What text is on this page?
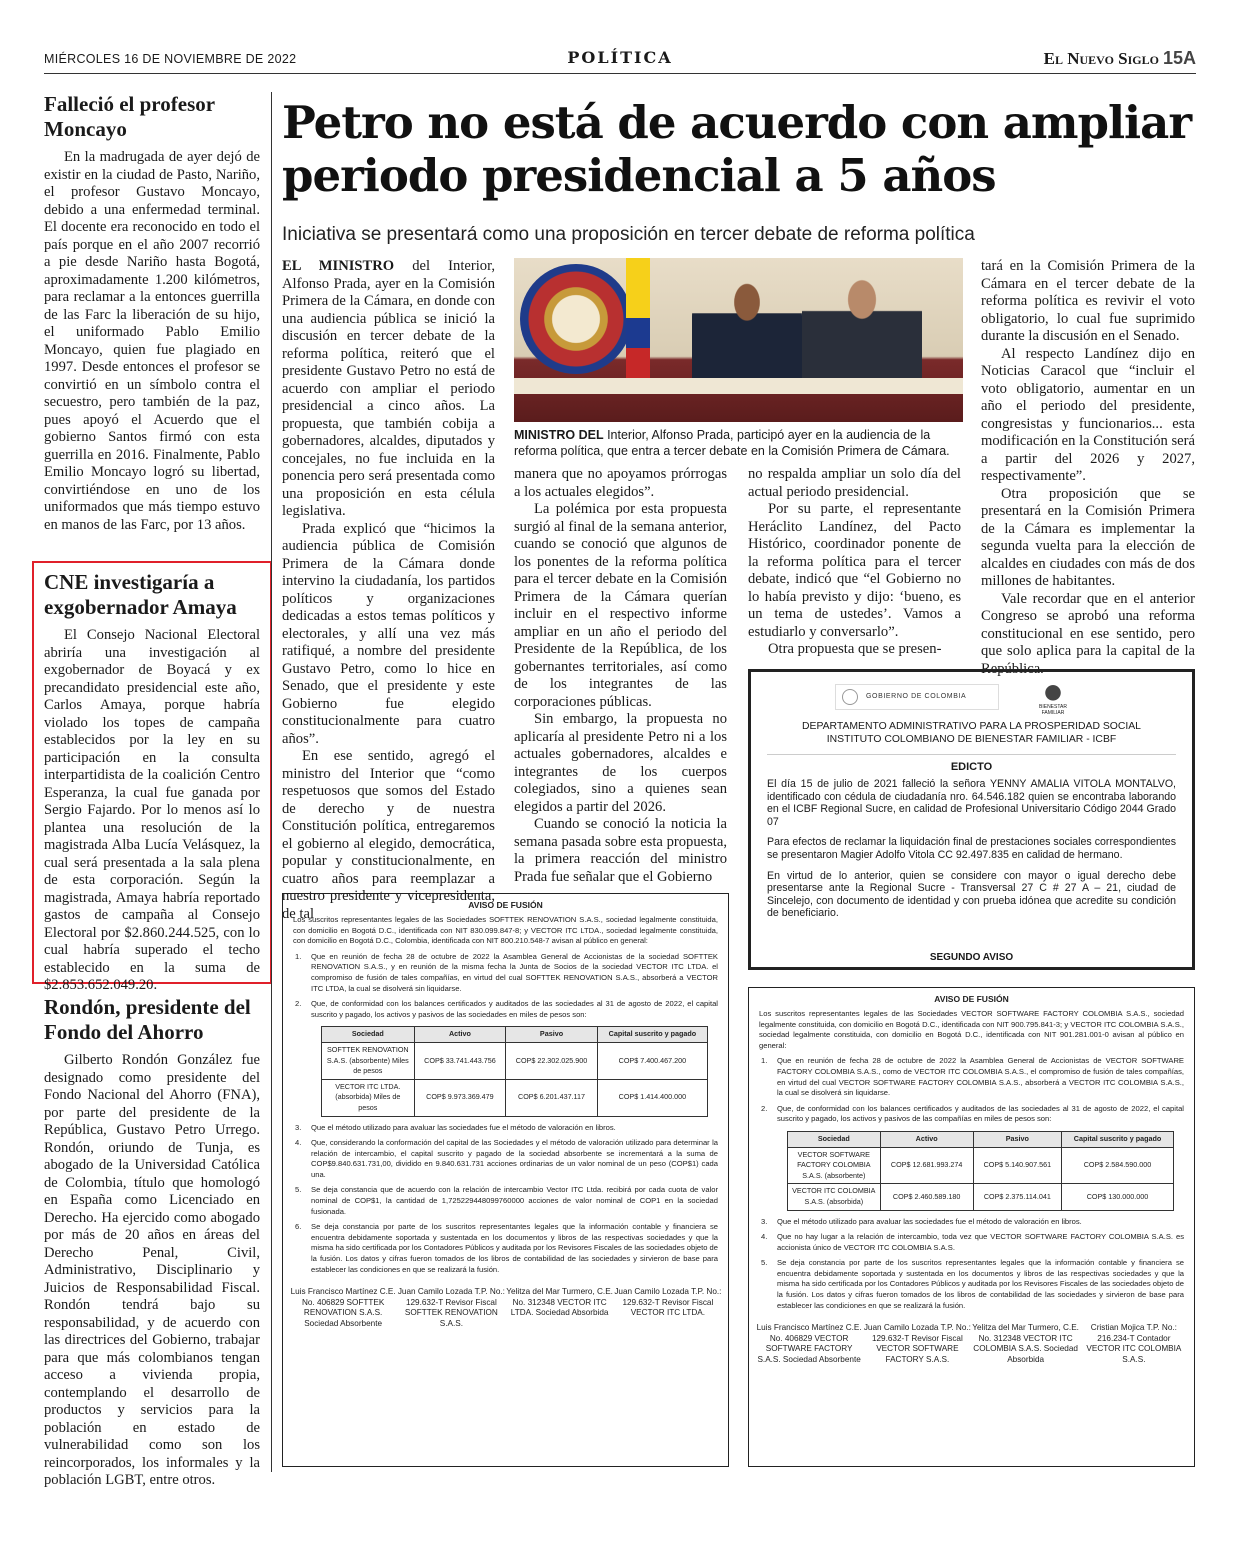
MIÉRCOLES 16 DE NOVIEMBRE DE 2022	POLÍTICA	El Nuevo Siglo 15A
Falleció el profesor Moncayo

En la madrugada de ayer dejó de existir en la ciudad de Pasto, Nariño, el profesor Gustavo Moncayo, debido a una enfermedad terminal. El docente era reconocido en todo el país porque en el año 2007 recorrió a pie desde Nariño hasta Bogotá, aproximadamente 1.200 kilómetros, para reclamar a la entonces guerrilla de las Farc la liberación de su hijo, el uniformado Pablo Emilio Moncayo, quien fue plagiado en 1997. Desde entonces el profesor se convirtió en un símbolo contra el secuestro, pero también de la paz, pues apoyó el Acuerdo que el gobierno Santos firmó con esta guerrilla en 2016. Finalmente, Pablo Emilio Moncayo logró su libertad, convirtiéndose en uno de los uniformados que más tiempo estuvo en manos de las Farc, por 13 años.

CNE investigaría a exgobernador Amaya

El Consejo Nacional Electoral abriría una investigación al exgobernador de Boyacá y ex precandidato presidencial este año, Carlos Amaya, porque habría violado los topes de campaña establecidos por la ley en su participación en la consulta interpartidista de la coalición Centro Esperanza, la cual fue ganada por Sergio Fajardo. Por lo menos así lo plantea una resolución de la magistrada Alba Lucía Velásquez, la cual será presentada a la sala plena de esta corporación. Según la magistrada, Amaya habría reportado gastos de campaña al Consejo Electoral por $2.860.244.525, con lo cual habría superado el techo establecido en la suma de $2.853.652.049.20.

Rondón, presidente del Fondo del Ahorro

Gilberto Rondón González fue designado como presidente del Fondo Nacional del Ahorro (FNA), por parte del presidente de la República, Gustavo Petro Urrego. Rondón, oriundo de Tunja, es abogado de la Universidad Católica de Colombia, título que homologó en España como Licenciado en Derecho. Ha ejercido como abogado por más de 20 años en áreas del Derecho Penal, Civil, Administrativo, Disciplinario y Juicios de Responsabilidad Fiscal. Rondón tendrá bajo su responsabilidad, y de acuerdo con las directrices del Gobierno, trabajar para que más colombianos tengan acceso a vivienda propia, contemplando el desarrollo de productos y servicios para la población en estado de vulnerabilidad como son los reincorporados, los informales y la población LGBT, entre otros.

Petro no está de acuerdo con ampliar periodo presidencial a 5 años
Iniciativa se presentará como una proposición en tercer debate de reforma política

EL MINISTRO del Interior, Alfonso Prada, ayer en la Comisión Primera de la Cámara, en donde con una audiencia pública se inició la discusión en tercer debate de la reforma política, reiteró que el presidente Gustavo Petro no está de acuerdo con ampliar el periodo presidencial a cinco años. La propuesta, que también cobija a gobernadores, alcaldes, diputados y concejales, no fue incluida en la ponencia pero será presentada como una proposición en esta célula legislativa.

Prada explicó que “hicimos la audiencia pública de Comisión Primera de la Cámara donde intervino la ciudadanía, los partidos políticos y organizaciones dedicadas a estos temas políticos y electorales, y allí una vez más ratifiqué, a nombre del presidente Gustavo Petro, como lo hice en Senado, que el presidente y este Gobierno fue elegido constitucionalmente para cuatro años”.

En ese sentido, agregó el ministro del Interior que “como respetuosos que somos del Estado de derecho y de nuestra Constitución política, entregaremos el gobierno al elegido, democrática, popular y constitucionalmente, en cuatro años para reemplazar a nuestro presidente y vicepresidenta, de tal

MINISTRO DEL Interior, Alfonso Prada, participó ayer en la audiencia de la reforma política, que entra a tercer debate en la Comisión Primera de Cámara.

manera que no apoyamos prórrogas a los actuales elegidos”.

La polémica por esta propuesta surgió al final de la semana anterior, cuando se conoció que algunos de los ponentes de la reforma política para el tercer debate en la Comisión Primera de la Cámara querían incluir en el respectivo informe ampliar en un año el periodo del Presidente de la República, de los gobernantes territoriales, así como de los integrantes de las corporaciones públicas.

Sin embargo, la propuesta no aplicaría al presidente Petro ni a los actuales gobernadores, alcaldes e integrantes de los cuerpos colegiados, sino a quienes sean elegidos a partir del 2026.

Cuando se conoció la noticia la semana pasada sobre esta propuesta, la primera reacción del ministro Prada fue señalar que el Gobierno

no respalda ampliar un solo día del actual periodo presidencial.

Por su parte, el representante Heráclito Landínez, del Pacto Histórico, coordinador ponente de la reforma política para el tercer debate, indicó que “el Gobierno no lo había previsto y dijo: ‘bueno, es un tema de ustedes’. Vamos a estudiarlo y conversarlo”.

Otra propuesta que se presen-

tará en la Comisión Primera de la Cámara en el tercer debate de la reforma política es revivir el voto obligatorio, lo cual fue suprimido durante la discusión en el Senado.

Al respecto Landínez dijo en Noticias Caracol que “incluir el voto obligatorio, aumentar en un año el periodo del presidente, congresistas y funcionarios... esta modificación en la Constitución será a partir del 2026 y 2027, respectivamente”.

Otra proposición que se presentará en la Comisión Primera de la Cámara es implementar la segunda vuelta para la elección de alcaldes en ciudades con más de dos millones de habitantes.

Vale recordar que en el anterior Congreso se aprobó una reforma constitucional en ese sentido, pero que solo aplica para la capital de la República.

GOBIERNO DE COLOMBIA
BIENESTAR FAMILIAR
DEPARTAMENTO ADMINISTRATIVO PARA LA PROSPERIDAD SOCIAL
INSTITUTO COLOMBIANO DE BIENESTAR FAMILIAR - ICBF
EDICTO

El día 15 de julio de 2021 falleció la señora YENNY AMALIA VITOLA MONTALVO, identificado con cédula de ciudadanía nro. 64.546.182 quien se encontraba laborando en el ICBF Regional Sucre, en calidad de Profesional Universitario Código 2044 Grado 07

Para efectos de reclamar la liquidación final de prestaciones sociales correspondientes se presentaron Magier Adolfo Vitola CC 92.497.835 en calidad de hermano.

En virtud de lo anterior, quien se considere con mayor o igual derecho debe presentarse ante la Regional Sucre - Transversal 27 C # 27 A – 21, ciudad de Sincelejo, con documento de identidad y con prueba idónea que acredite su condición de beneficiario.

SEGUNDO AVISO
AVISO DE FUSIÓN

Los suscritos representantes legales de las Sociedades SOFTTEK RENOVATION S.A.S., sociedad legalmente constituida, con domicilio en Bogotá D.C., identificada con NIT 830.099.847-8; y VECTOR ITC LTDA., sociedad legalmente constituida, con domicilio en Bogotá D.C., Colombia, identificada con NIT 800.210.548-7 avisan al público en general:

1. Que en reunión de fecha 28 de octubre de 2022 la Asamblea General de Accionistas de la sociedad SOFTTEK RENOVATION S.A.S., y en reunión de la misma fecha la Junta de Socios de la sociedad VECTOR ITC LTDA. el compromiso de fusión de tales compañías, en virtud del cual SOFTTEK RENOVATION S.A.S., absorberá a VECTOR ITC LTDA, la cual se disolverá sin liquidarse.
2. Que, de conformidad con los balances certificados y auditados de las sociedades al 31 de agosto de 2022, el capital suscrito y pagado, los activos y pasivos de las sociedades en miles de pesos son:
Sociedad	Activo	Pasivo	Capital suscrito y pagado
SOFTTEK RENOVATION S.A.S. (absorbente) Miles de pesos	COP$ 33.741.443.756	COP$ 22.302.025.900	COP$ 7.400.467.200
VECTOR ITC LTDA. (absorbida) Miles de pesos	COP$ 9.973.369.479	COP$ 6.201.437.117	COP$ 1.414.400.000
3. Que el método utilizado para avaluar las sociedades fue el método de valoración en libros.
4. Que, considerando la conformación del capital de las Sociedades y el método de valoración utilizado para determinar la relación de intercambio, el capital suscrito y pagado de la sociedad absorbente se incrementará a la suma de COP$9.840.631.731,00, dividido en 9.840.631.731 acciones ordinarias de un valor nominal de un peso (COP$1) cada una.
5. Se deja constancia que de acuerdo con la relación de intercambio Vector ITC Ltda. recibirá por cada cuota de valor nominal de COP$1, la cantidad de 1,725229448099760000 acciones de valor nominal de COP1 en la sociedad fusionada.
6. Se deja constancia por parte de los suscritos representantes legales que la información contable y financiera se encuentra debidamente soportada y sustentada en los documentos y libros de las respectivas sociedades y que la misma ha sido certificada por los Contadores Públicos y auditada por los Revisores Fiscales de las sociedades objeto de la fusión. Los datos y cifras fueron tomados de los libros de contabilidad de las sociedades y sirvieron de base para establecer las condiciones en que se realizará la fusión.
Luis Francisco Martínez C.E. No. 406829 SOFTTEK RENOVATION S.A.S. Sociedad Absorbente
Juan Camilo Lozada T.P. No.: 129.632-T Revisor Fiscal SOFTTEK RENOVATION S.A.S.
Yelitza del Mar Turmero, C.E. No. 312348 VECTOR ITC LTDA. Sociedad Absorbida
Juan Camilo Lozada T.P. No.: 129.632-T Revisor Fiscal VECTOR ITC LTDA.
AVISO DE FUSIÓN

Los suscritos representantes legales de las Sociedades VECTOR SOFTWARE FACTORY COLOMBIA S.A.S., sociedad legalmente constituida, con domicilio en Bogotá D.C., identificada con NIT 900.795.841-3; y VECTOR ITC COLOMBIA S.A.S., sociedad legalmente constituida, con domicilio en Bogotá D.C., identificada con NIT 901.281.001-0 avisan al público en general:

1. Que en reunión de fecha 28 de octubre de 2022 la Asamblea General de Accionistas de VECTOR SOFTWARE FACTORY COLOMBIA S.A.S., como de VECTOR ITC COLOMBIA S.A.S., el compromiso de fusión de tales compañías, en virtud del cual VECTOR SOFTWARE FACTORY COLOMBIA S.A.S., absorberá a VECTOR ITC COLOMBIA S.A.S., la cual se disolverá sin liquidarse.
2. Que, de conformidad con los balances certificados y auditados de las sociedades al 31 de agosto de 2022, el capital suscrito y pagado, los activos y pasivos de las compañías en miles de pesos son:
Sociedad	Activo	Pasivo	Capital suscrito y pagado
VECTOR SOFTWARE FACTORY COLOMBIA S.A.S. (absorbente)	COP$ 12.681.993.274	COP$ 5.140.907.561	COP$ 2.584.590.000
VECTOR ITC COLOMBIA S.A.S. (absorbida)	COP$ 2.460.589.180	COP$ 2.375.114.041	COP$ 130.000.000
3. Que el método utilizado para avaluar las sociedades fue el método de valoración en libros.
4. Que no hay lugar a la relación de intercambio, toda vez que VECTOR SOFTWARE FACTORY COLOMBIA S.A.S. es accionista único de VECTOR ITC COLOMBIA S.A.S.
5. Se deja constancia por parte de los suscritos representantes legales que la información contable y financiera se encuentra debidamente soportada y sustentada en los documentos y libros de las respectivas sociedades y que la misma ha sido certificada por los Contadores Públicos y auditada por los Revisores Fiscales de las sociedades objeto de la fusión. Los datos y cifras fueron tomados de los libros de contabilidad de las sociedades y sirvieron de base para establecer las condiciones en que se realizará la fusión.
Luis Francisco Martínez C.E. No. 406829 VECTOR SOFTWARE FACTORY S.A.S. Sociedad Absorbente
Juan Camilo Lozada T.P. No.: 129.632-T Revisor Fiscal VECTOR SOFTWARE FACTORY S.A.S.
Yelitza del Mar Turmero, C.E. No. 312348 VECTOR ITC COLOMBIA S.A.S. Sociedad Absorbida
Cristian Mojica T.P. No.: 216.234-T Contador VECTOR ITC COLOMBIA S.A.S.
